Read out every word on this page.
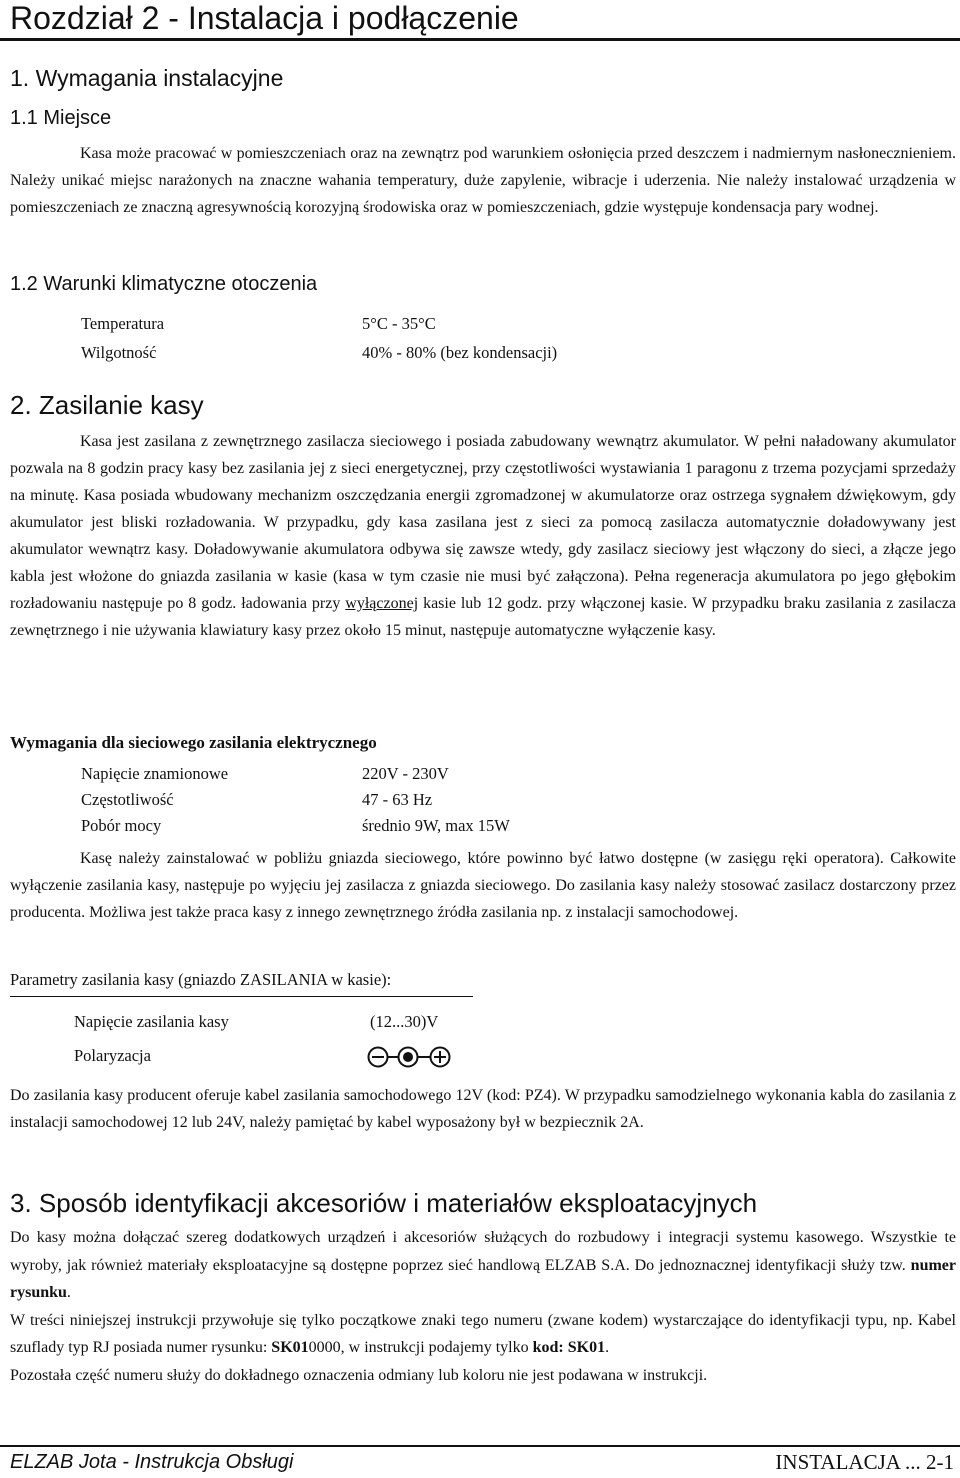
Rozdział 2 - Instalacja i podłączenie
1. Wymagania instalacyjne
1.1 Miejsce

Kasa może pracować w pomieszczeniach oraz na zewnątrz pod warunkiem osłonięcia przed deszczem i nadmiernym nasłonecznieniem. Należy unikać miejsc narażonych na znaczne wahania temperatury, duże zapylenie, wibracje i uderzenia. Nie należy instalować urządzenia w pomieszczeniach ze znaczną agresywnością korozyjną środowiska oraz w pomieszczeniach, gdzie występuje kondensacja pary wodnej.

1.2 Warunki klimatyczne otoczenia
Temperatura	5°C - 35°C
Wilgotność	40% - 80% (bez kondensacji)
2. Zasilanie kasy

Kasa jest zasilana z zewnętrznego zasilacza sieciowego i posiada zabudowany wewnątrz akumulator. W pełni naładowany akumulator pozwala na 8 godzin pracy kasy bez zasilania jej z sieci energetycznej, przy częstotliwości wystawiania 1 paragonu z trzema pozycjami sprzedaży na minutę. Kasa posiada wbudowany mechanizm oszczędzania energii zgromadzonej w akumulatorze oraz ostrzega sygnałem dźwiękowym, gdy akumulator jest bliski rozładowania. W przypadku, gdy kasa zasilana jest z sieci za pomocą zasilacza automatycznie doładowywany jest akumulator wewnątrz kasy. Doładowywanie akumulatora odbywa się zawsze wtedy, gdy zasilacz sieciowy jest włączony do sieci, a złącze jego kabla jest włożone do gniazda zasilania w kasie (kasa w tym czasie nie musi być załączona). Pełna regeneracja akumulatora po jego głębokim rozładowaniu następuje po 8 godz. ładowania przy wyłączonej kasie lub 12 godz. przy włączonej kasie. W przypadku braku zasilania z zasilacza zewnętrznego i nie używania klawiatury kasy przez około 15 minut, następuje automatyczne wyłączenie kasy.

Wymagania dla sieciowego zasilania elektrycznego
Napięcie znamionowe	220V - 230V
Częstotliwość	47 - 63 Hz
Pobór mocy	średnio 9W, max 15W

Kasę należy zainstalować w pobliżu gniazda sieciowego, które powinno być łatwo dostępne (w zasięgu ręki operatora). Całkowite wyłączenie zasilania kasy, następuje po wyjęciu jej zasilacza z gniazda sieciowego. Do zasilania kasy należy stosować zasilacz dostarczony przez producenta. Możliwa jest także praca kasy z innego zewnętrznego źródła zasilania np. z instalacji samochodowej.

Parametry zasilania kasy (gniazdo ZASILANIA w kasie):
Napięcie zasilania kasy	(12...30)V
Polaryzacja

Do zasilania kasy producent oferuje kabel zasilania samochodowego 12V (kod: PZ4). W przypadku samodzielnego wykonania kabla do zasilania z instalacji samochodowej 12 lub 24V, należy pamiętać by kabel wyposażony był w bezpiecznik 2A.

3. Sposób identyfikacji akcesoriów i materiałów eksploatacyjnych

Do kasy można dołączać szereg dodatkowych urządzeń i akcesoriów służących do rozbudowy i integracji systemu kasowego. Wszystkie te wyroby, jak również materiały eksploatacyjne są dostępne poprzez sieć handlową ELZAB S.A. Do jednoznacznej identyfikacji służy tzw. numer rysunku.

W treści niniejszej instrukcji przywołuje się tylko początkowe znaki tego numeru (zwane kodem) wystarczające do identyfikacji typu, np. Kabel szuflady typ RJ posiada numer rysunku: SK010000, w instrukcji podajemy tylko kod: SK01.

Pozostała część numeru służy do dokładnego oznaczenia odmiany lub koloru nie jest podawana w instrukcji.

ELZAB Jota - Instrukcja Obsługi	INSTALACJA ... 2-1
